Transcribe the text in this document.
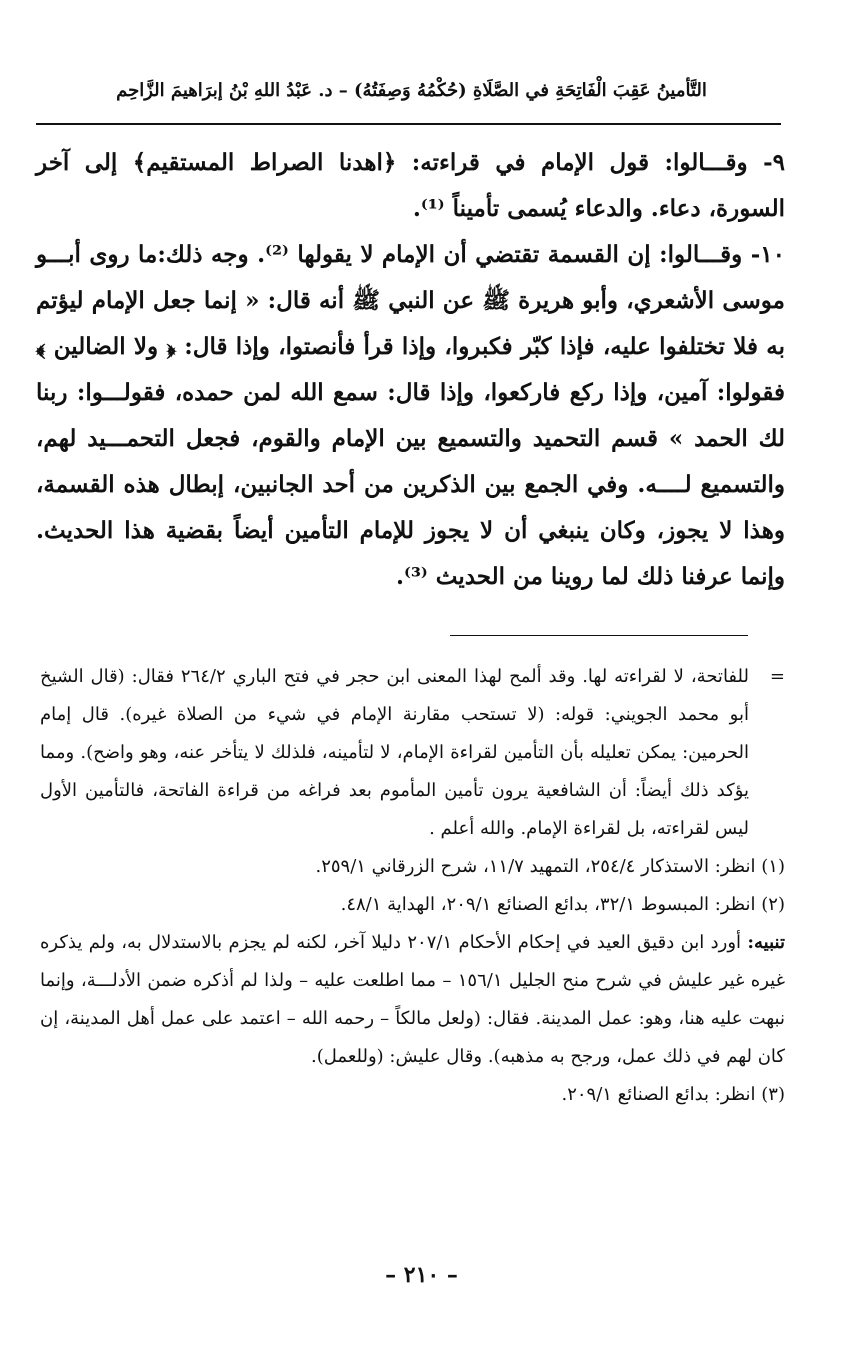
التَّأمينُ عَقِبَ الْفَاتِحَةِ في الصَّلَاةِ (حُكْمُهُ وَصِفَتُهُ) – د. عَبْدُ اللهِ بْنُ إبرَاهيمَ الزَّاحِم

٩- وقـــالوا: قول الإمام في قراءته: ﴿اهدنا الصراط المستقيم﴾ إلى آخر السورة، دعاء. والدعاء يُسمى تأميناً ⁽¹⁾.

١٠- وقـــالوا: إن القسمة تقتضي أن الإمام لا يقولها ⁽²⁾. وجه ذلك:ما روى أبـــو موسى الأشعري، وأبو هريرة ﷺ عن النبي ﷺ أنه قال: « إنما جعل الإمام ليؤتم به فلا تختلفوا عليه، فإذا كبّر فكبروا، وإذا قرأ فأنصتوا، وإذا قال: ﴿ ولا الضالين ﴾ فقولوا: آمين، وإذا ركع فاركعوا، وإذا قال: سمع الله لمن حمده، فقولـــوا: ربنا لك الحمد » قسم التحميد والتسميع بين الإمام والقوم، فجعل التحمـــيد لهم، والتسميع لــــه. وفي الجمع بين الذكرين من أحد الجانبين، إبطال هذه القسمة، وهذا لا يجوز، وكان ينبغي أن لا يجوز للإمام التأمين أيضاً بقضية هذا الحديث. وإنما عرفنا ذلك لما روينا من الحديث ⁽³⁾.

=
للفاتحة، لا لقراءته لها. وقد ألمح لهذا المعنى ابن حجر في فتح الباري ٢٦٤/٢ فقال: (قال الشيخ أبو محمد الجويني: قوله: (لا تستحب مقارنة الإمام في شيء من الصلاة غيره). قال إمام الحرمين: يمكن تعليله بأن التأمين لقراءة الإمام، لا لتأمينه، فلذلك لا يتأخر عنه، وهو واضح). ومما يؤكد ذلك أيضاً: أن الشافعية يرون تأمين المأموم بعد فراغه من قراءة الفاتحة، فالتأمين الأول ليس لقراءته، بل لقراءة الإمام. والله أعلم .

(١) انظر: الاستذكار ٢٥٤/٤، التمهيد ١١/٧، شرح الزرقاني ٢٥٩/١.

(٢) انظر: المبسوط ٣٢/١، بدائع الصنائع ٢٠٩/١، الهداية ٤٨/١.

تنبيه: أورد ابن دقيق العيد في إحكام الأحكام ٢٠٧/١ دليلا آخر، لكنه لم يجزم بالاستدلال به، ولم يذكره غيره غير عليش في شرح منح الجليل ١٥٦/١ – مما اطلعت عليه – ولذا لم أذكره ضمن الأدلـــة، وإنما نبهت عليه هنا، وهو: عمل المدينة. فقال: (ولعل مالكاً – رحمه الله – اعتمد على عمل أهل المدينة، إن كان لهم في ذلك عمل، ورجح به مذهبه). وقال عليش: (وللعمل).

(٣) انظر: بدائع الصنائع ٢٠٩/١.

– ٢١٠ –
